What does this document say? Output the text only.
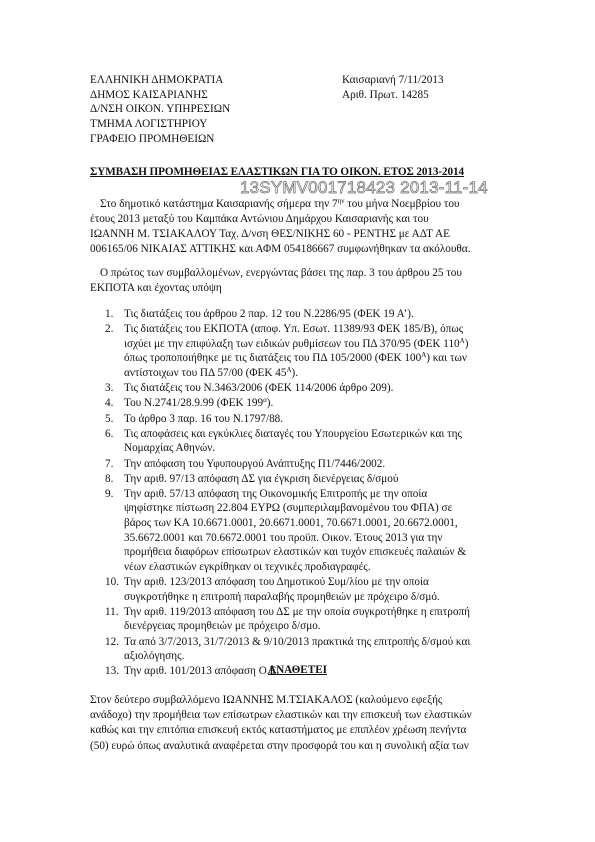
ΕΛΛΗΝΙΚΗ ΔΗΜΟΚΡΑΤΙΑ
ΔΗΜΟΣ ΚΑΙΣΑΡΙΑΝΗΣ
Δ/ΝΣΗ ΟΙΚΟΝ. ΥΠΗΡΕΣΙΩΝ
ΤΜΗΜΑ ΛΟΓΙΣΤΗΡΙΟΥ
ΓΡΑΦΕΙΟ ΠΡΟΜΗΘΕΙΩΝ
Καισαριανή 7/11/2013
Αριθ. Πρωτ. 14285
ΣΥΜΒΑΣΗ ΠΡΟΜΗΘΕΙΑΣ ΕΛΑΣΤΙΚΩΝ ΓΙΑ ΤΟ ΟΙΚΟΝ. ΕΤΟΣ 2013-2014
13SYMV001718423 2013-11-14
Στο δημοτικό κατάστημα Καισαριανής σήμερα την $7^{\eta\nu}$ του μήνα Νοεμβρίου του
έτους 2013 μεταξύ του Καμπάκα Αντώνιου Δημάρχου Καισαριανής και του
ΙΩΑΝΝΗ Μ. ΤΣΙΑΚΑΛΟΥ Ταχ. Δ/νση ΘΕΣ/ΝΙΚΗΣ 60 - ΡΕΝΤΗΣ με ΑΔΤ ΑΕ
006165/06 ΝΙΚΑΙΑΣ ΑΤΤΙΚΗΣ και ΑΦΜ 054186667 συμφωνήθηκαν τα ακόλουθα.
Ο πρώτος των συμβαλλομένων, ενεργώντας βάσει της παρ. 3 του άρθρου 25 του
ΕΚΠΟΤΑ και έχοντας υπόψη
1. Τις διατάξεις του άρθρου 2 παρ. 12 του Ν.2286/95 (ΦΕΚ 19 Α’).
2. Τις διατάξεις του ΕΚΠΟΤΑ (αποφ. Υπ. Εσωτ. 11389/93 ΦΕΚ 185/Β), όπως
ισχύει με την επιφύλαξη των ειδικών ρυθμίσεων του ΠΔ 370/95 (ΦΕΚ $110^A$)
όπως τροποποιήθηκε με τις διατάξεις του ΠΔ 105/2000 (ΦΕΚ $100^A$) και των
αντίστοιχων του ΠΔ 57/00 (ΦΕΚ $45^A$).
3. Τις διατάξεις του Ν.3463/2006 (ΦΕΚ 114/2006 άρθρο 209).
4. Του Ν.2741/28.9.99 (ΦΕΚ $199^\alpha$).
5. Το άρθρο 3 παρ. 16 του Ν.1797/88.
6. Τις αποφάσεις και εγκύκλιες διαταγές του Υπουργείου Εσωτερικών και της
Νομαρχίας Αθηνών.
7. Την απόφαση του Υφυπουργού Ανάπτυξης Π1/7446/2002.
8. Την αριθ. 97/13 απόφαση ΔΣ για έγκριση διενέργειας δ/σμού
9. Την αριθ. 57/13 απόφαση της Οικονομικής Επιτροπής με την οποία
ψηφίστηκε πίστωση 22.804 ΕΥΡΩ (συμπεριλαμβανομένου του ΦΠΑ) σε
βάρος των ΚΑ 10.6671.0001, 20.6671.0001, 70.6671.0001, 20.6672.0001,
35.6672.0001 και 70.6672.0001 του προϋπ. Οικον. Έτους 2013 για την
προμήθεια διαφόρων επίσωτρων ελαστικών και τυχόν επισκευές παλαιών &
νέων ελαστικών εγκρίθηκαν οι τεχνικές προδιαγραφές.
10. Την αριθ. 123/2013 απόφαση του Δημοτικού Συμ/λίου με την οποία
συγκροτήθηκε η επιτροπή παραλαβής προμηθειών με πρόχειρο δ/σμό.
11. Την αριθ. 119/2013 απόφαση του ΔΣ με την οποία συγκροτήθηκε η επιτροπή
διενέργειας προμηθειών με πρόχειρο δ/σμο.
12. Τα από 3/7/2013, 31/7/2013 & 9/10/2013 πρακτικά της επιτροπής δ/σμού και
αξιολόγησης.
13. Την αριθ. 101/2013 απόφαση Ο.Ε.
ΑΝΑΘΕΤΕΙ
Στον δεύτερο συμβαλλόμενο ΙΩΑΝΝΗΣ Μ.ΤΣΙΑΚΑΛΟΣ (καλούμενο εφεξής
ανάδοχο) την προμήθεια των επίσωτρων ελαστικών και την επισκευή των ελαστικών
καθώς και την επιτόπια επισκευή εκτός καταστήματος με επιπλέον χρέωση πενήντα
(50) ευρώ όπως αναλυτικά αναφέρεται στην προσφορά του και η συνολική αξία των
